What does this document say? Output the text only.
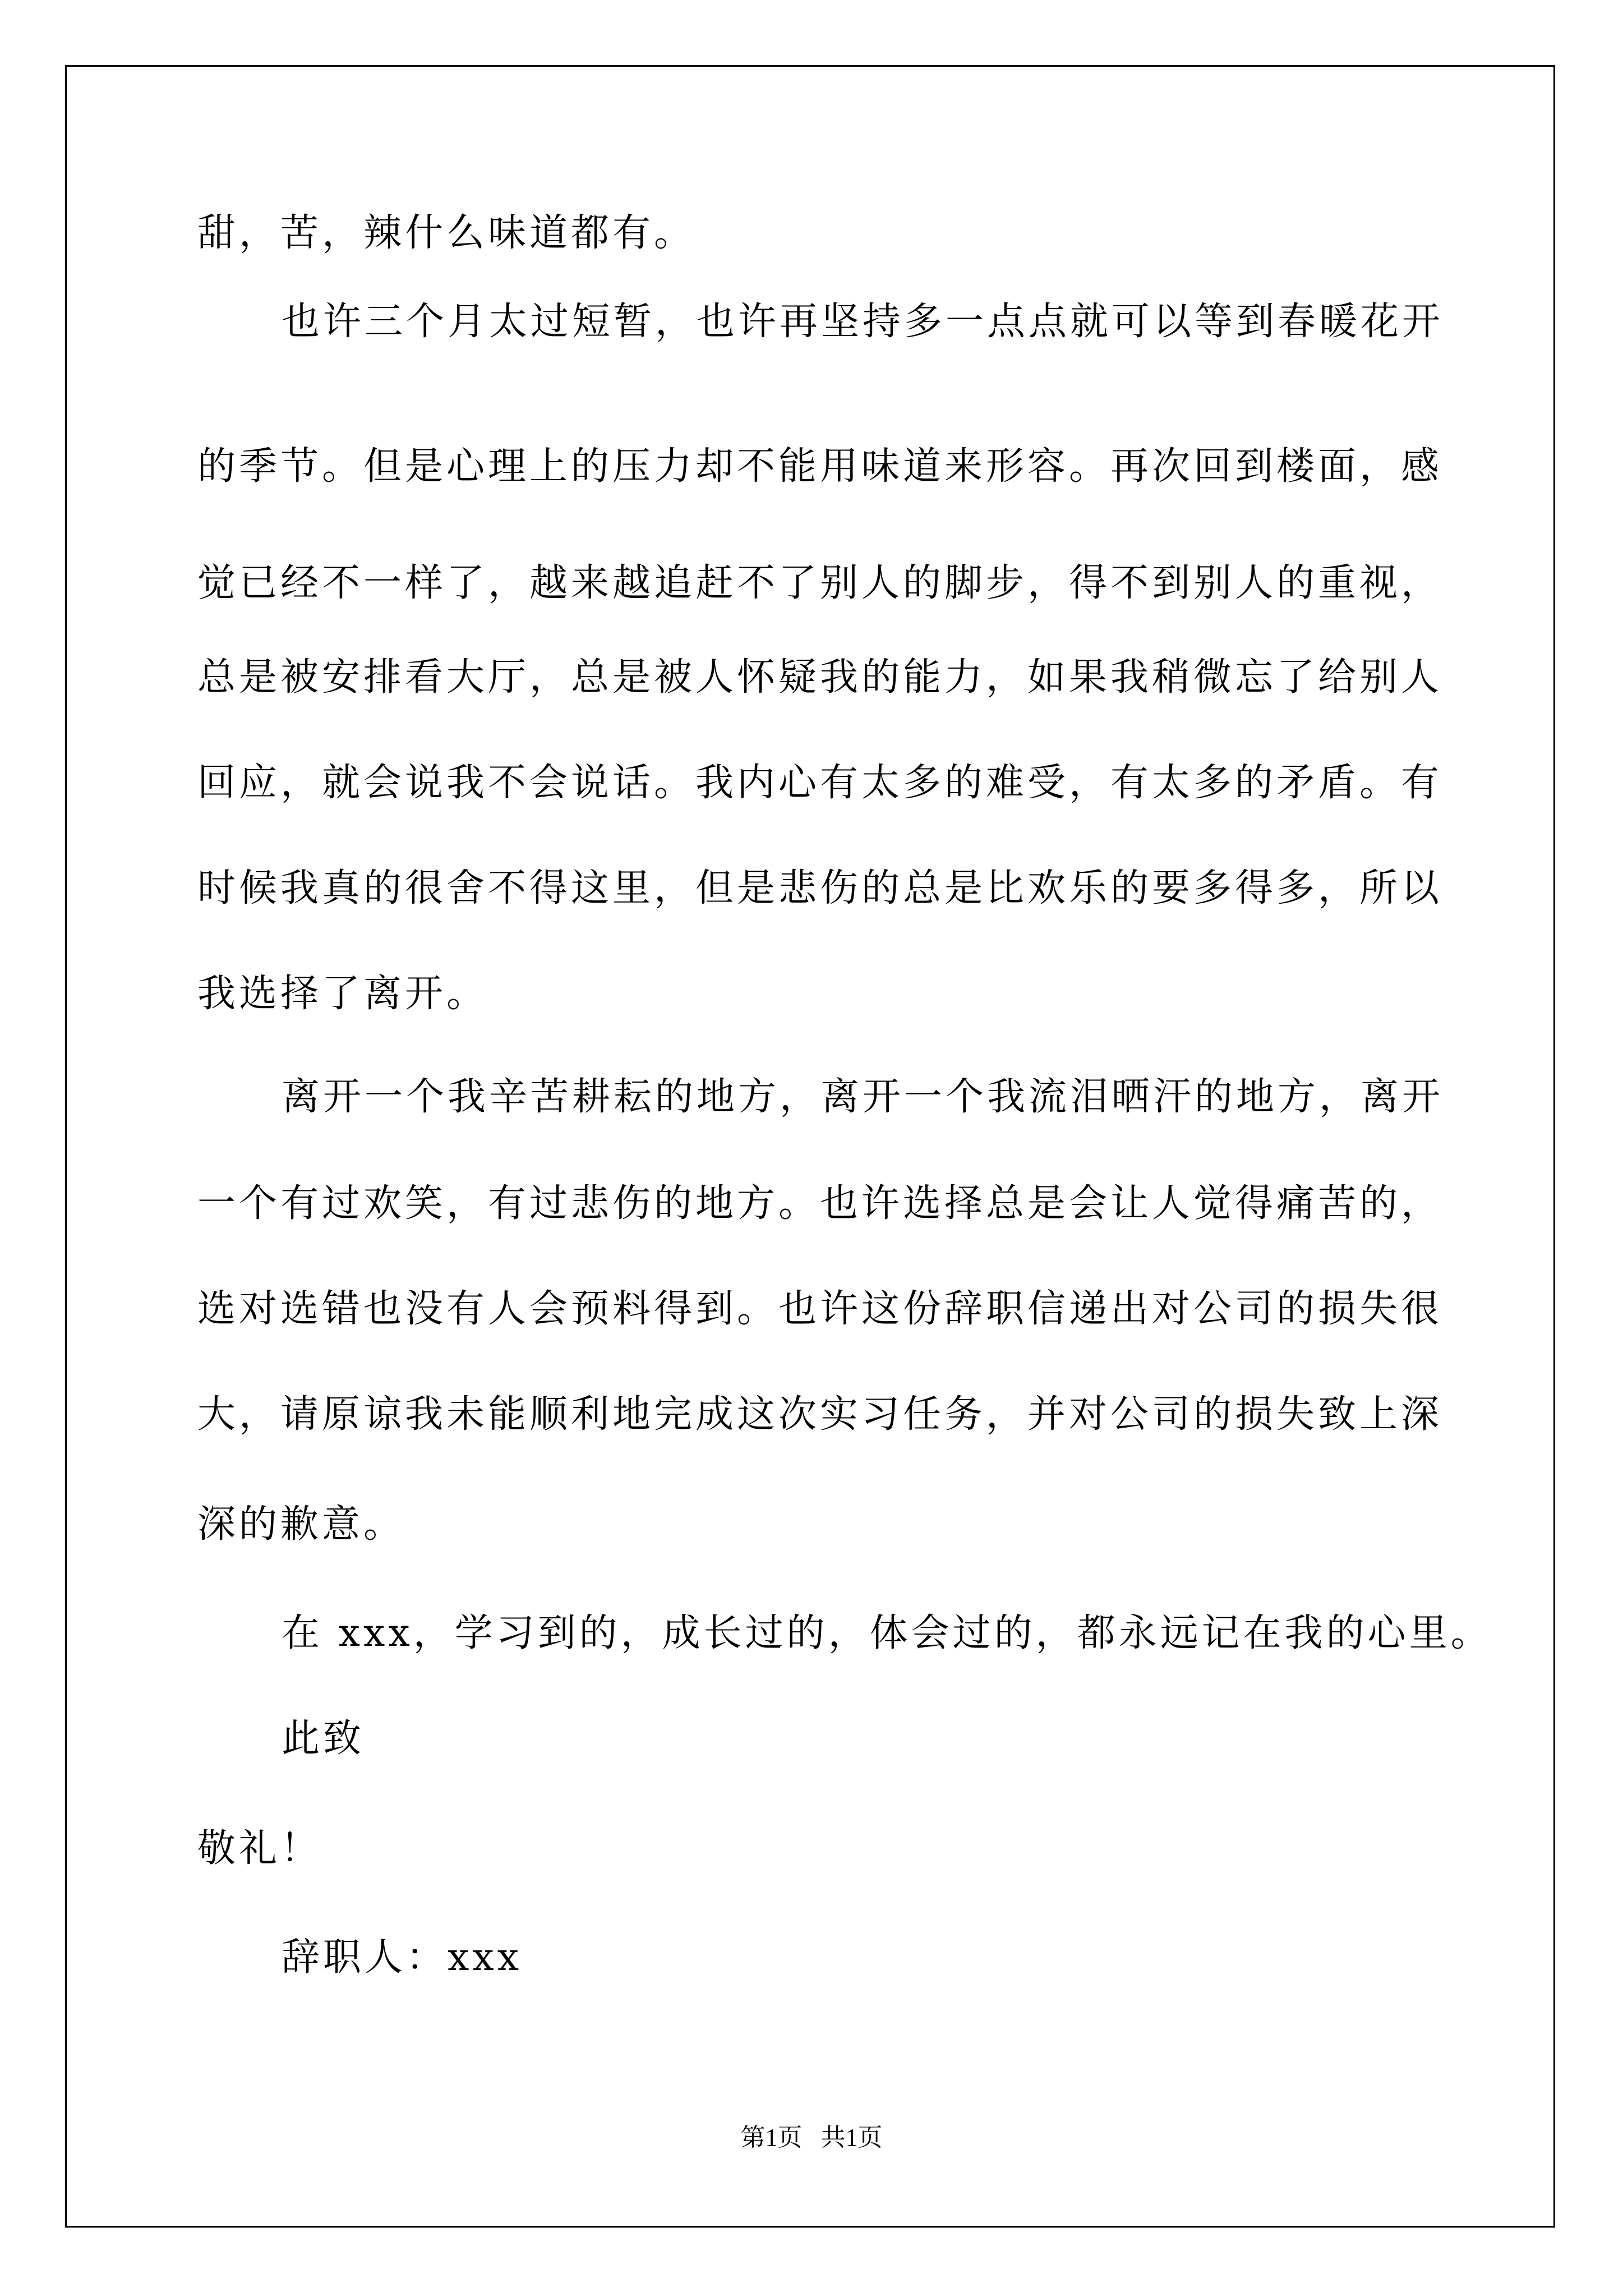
甜，苦，辣什么味道都有。
也许三个月太过短暂，也许再坚持多一点点就可以等到春暖花开
的季节。但是心理上的压力却不能用味道来形容。再次回到楼面，感
觉已经不一样了，越来越追赶不了别人的脚步，得不到别人的重视，
总是被安排看大厅，总是被人怀疑我的能力，如果我稍微忘了给别人
回应，就会说我不会说话。我内心有太多的难受，有太多的矛盾。有
时候我真的很舍不得这里，但是悲伤的总是比欢乐的要多得多，所以
我选择了离开。
离开一个我辛苦耕耘的地方，离开一个我流泪晒汗的地方，离开
一个有过欢笑，有过悲伤的地方。也许选择总是会让人觉得痛苦的，
选对选错也没有人会预料得到。也许这份辞职信递出对公司的损失很
大，请原谅我未能顺利地完成这次实习任务，并对公司的损失致上深
深的歉意。
在 xxx，学习到的，成长过的，体会过的，都永远记在我的心里。
此致
敬礼！
辞职人：xxx
第1页   共1页
